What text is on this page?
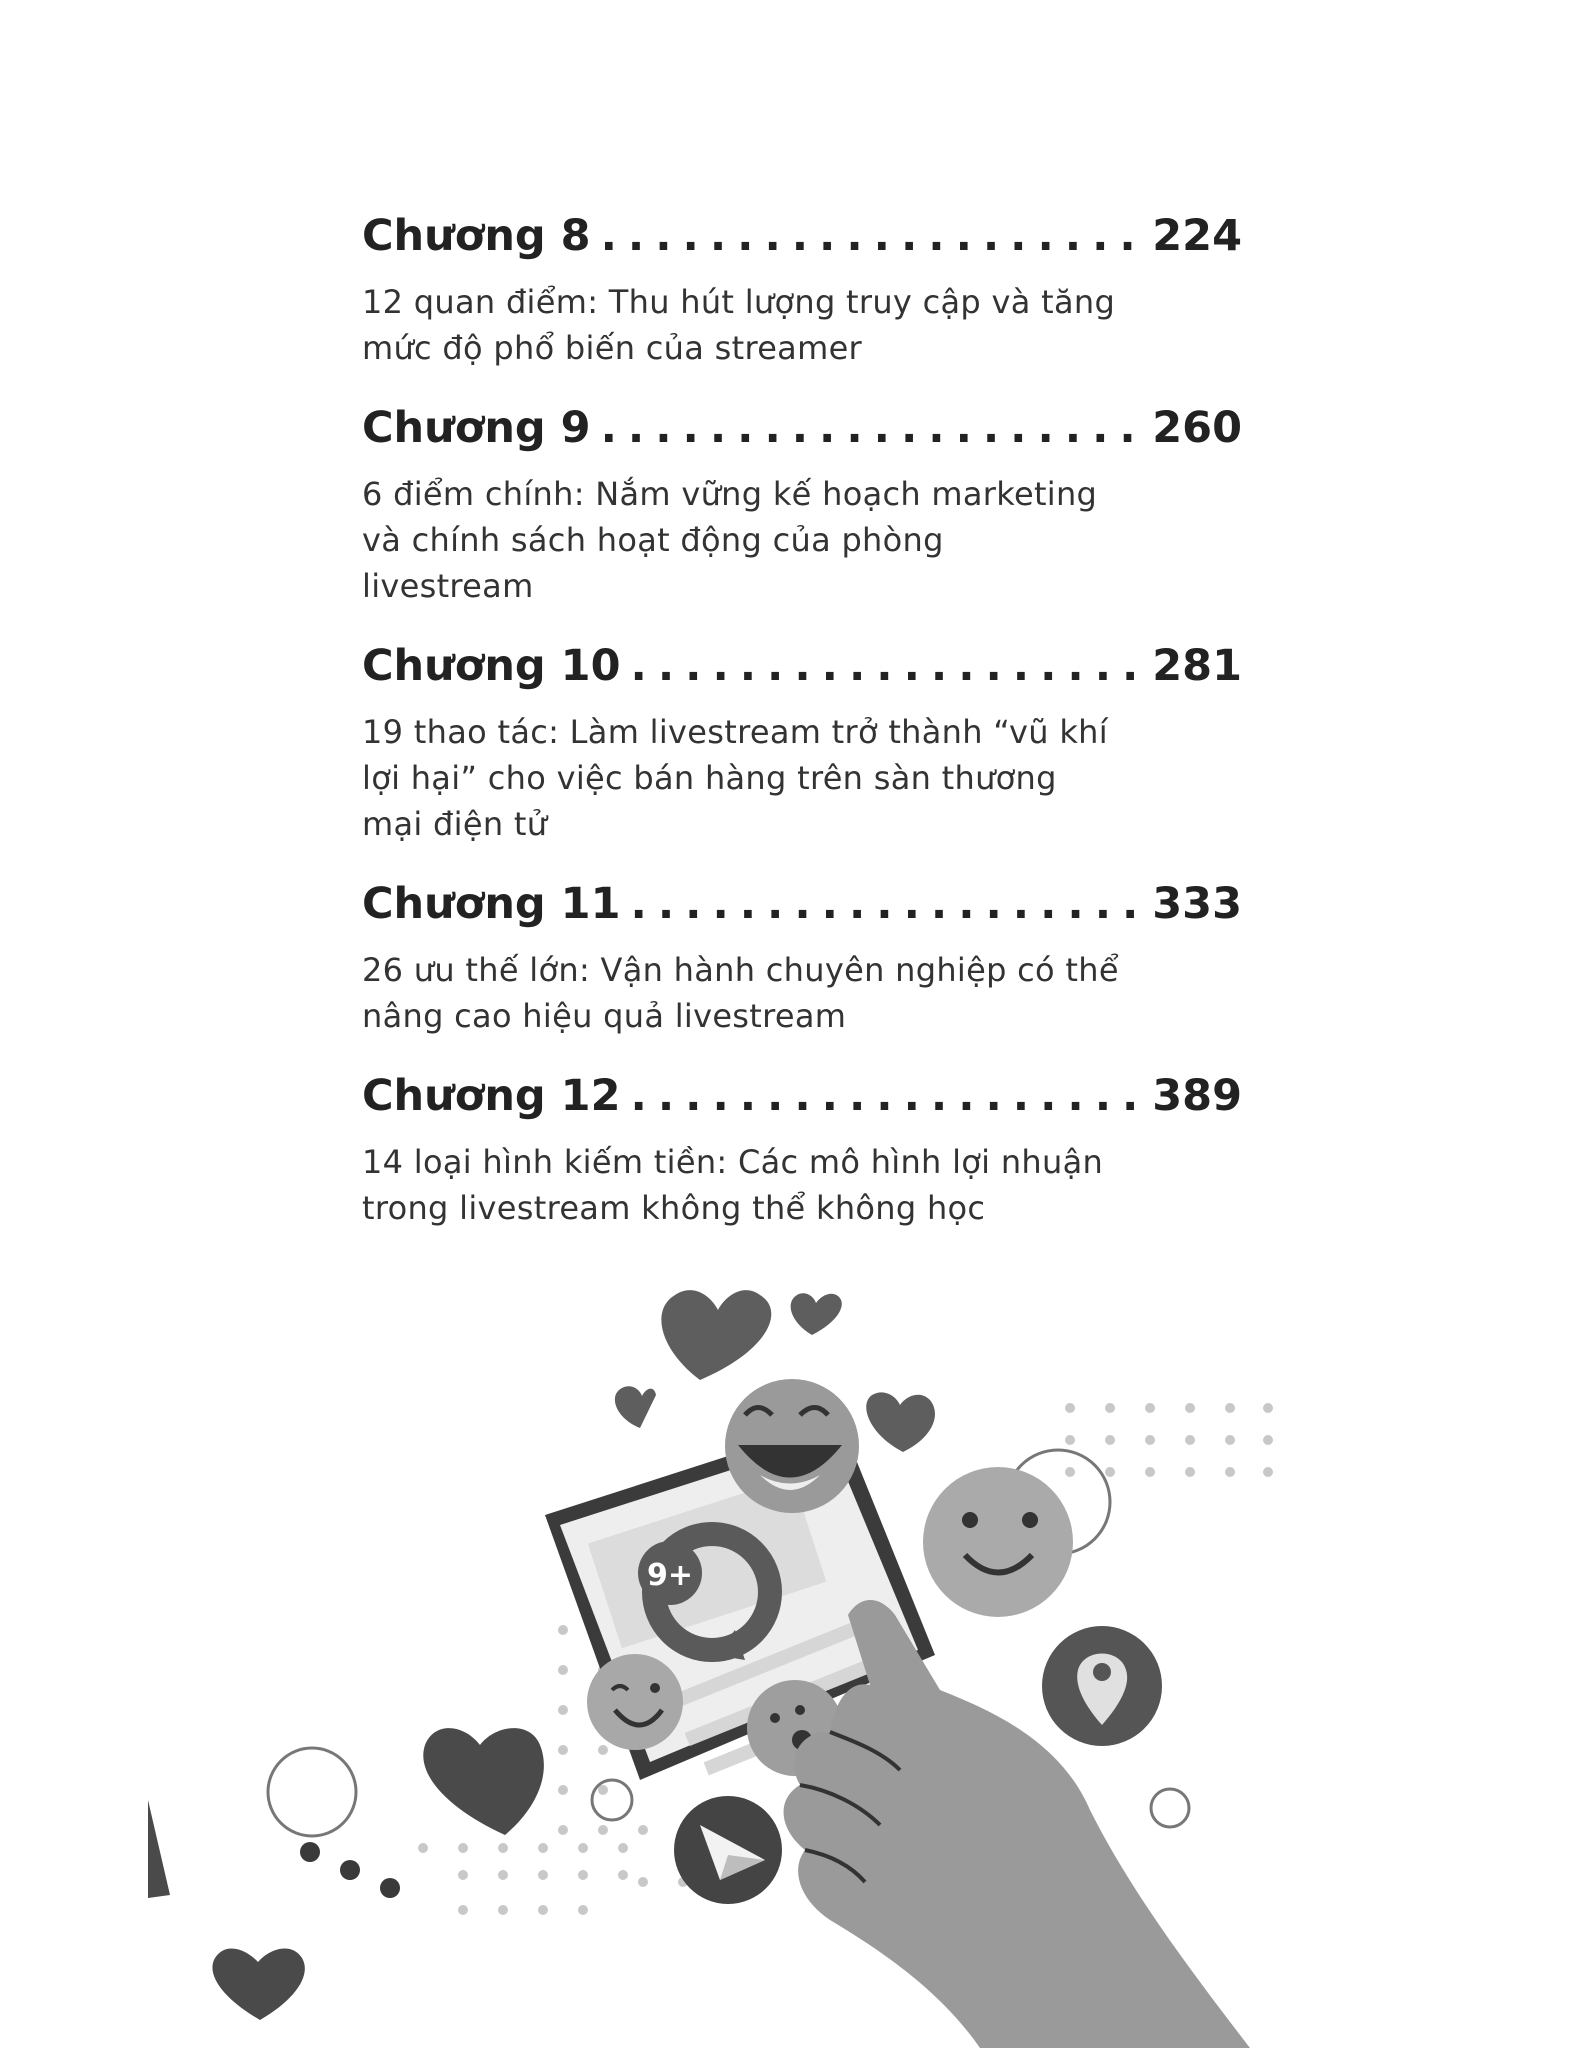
Chương 8 . . .	224
12 quan điểm: Thu hút lượng truy cập và tăng mức độ phổ biến của streamer
Chương 9 . . .	260
6 điểm chính: Nắm vững kế hoạch marketing và chính sách hoạt động của phòng livestream
Chương 10 . . .	281
19 thao tác: Làm livestream trở thành “vũ khí lợi hại” cho việc bán hàng trên sàn thương mại điện tử
Chương 11 . . .	333
26 ưu thế lớn: Vận hành chuyên nghiệp có thể nâng cao hiệu quả livestream
Chương 12 . . .	389
14 loại hình kiếm tiền: Các mô hình lợi nhuận trong livestream không thể không học
9+
